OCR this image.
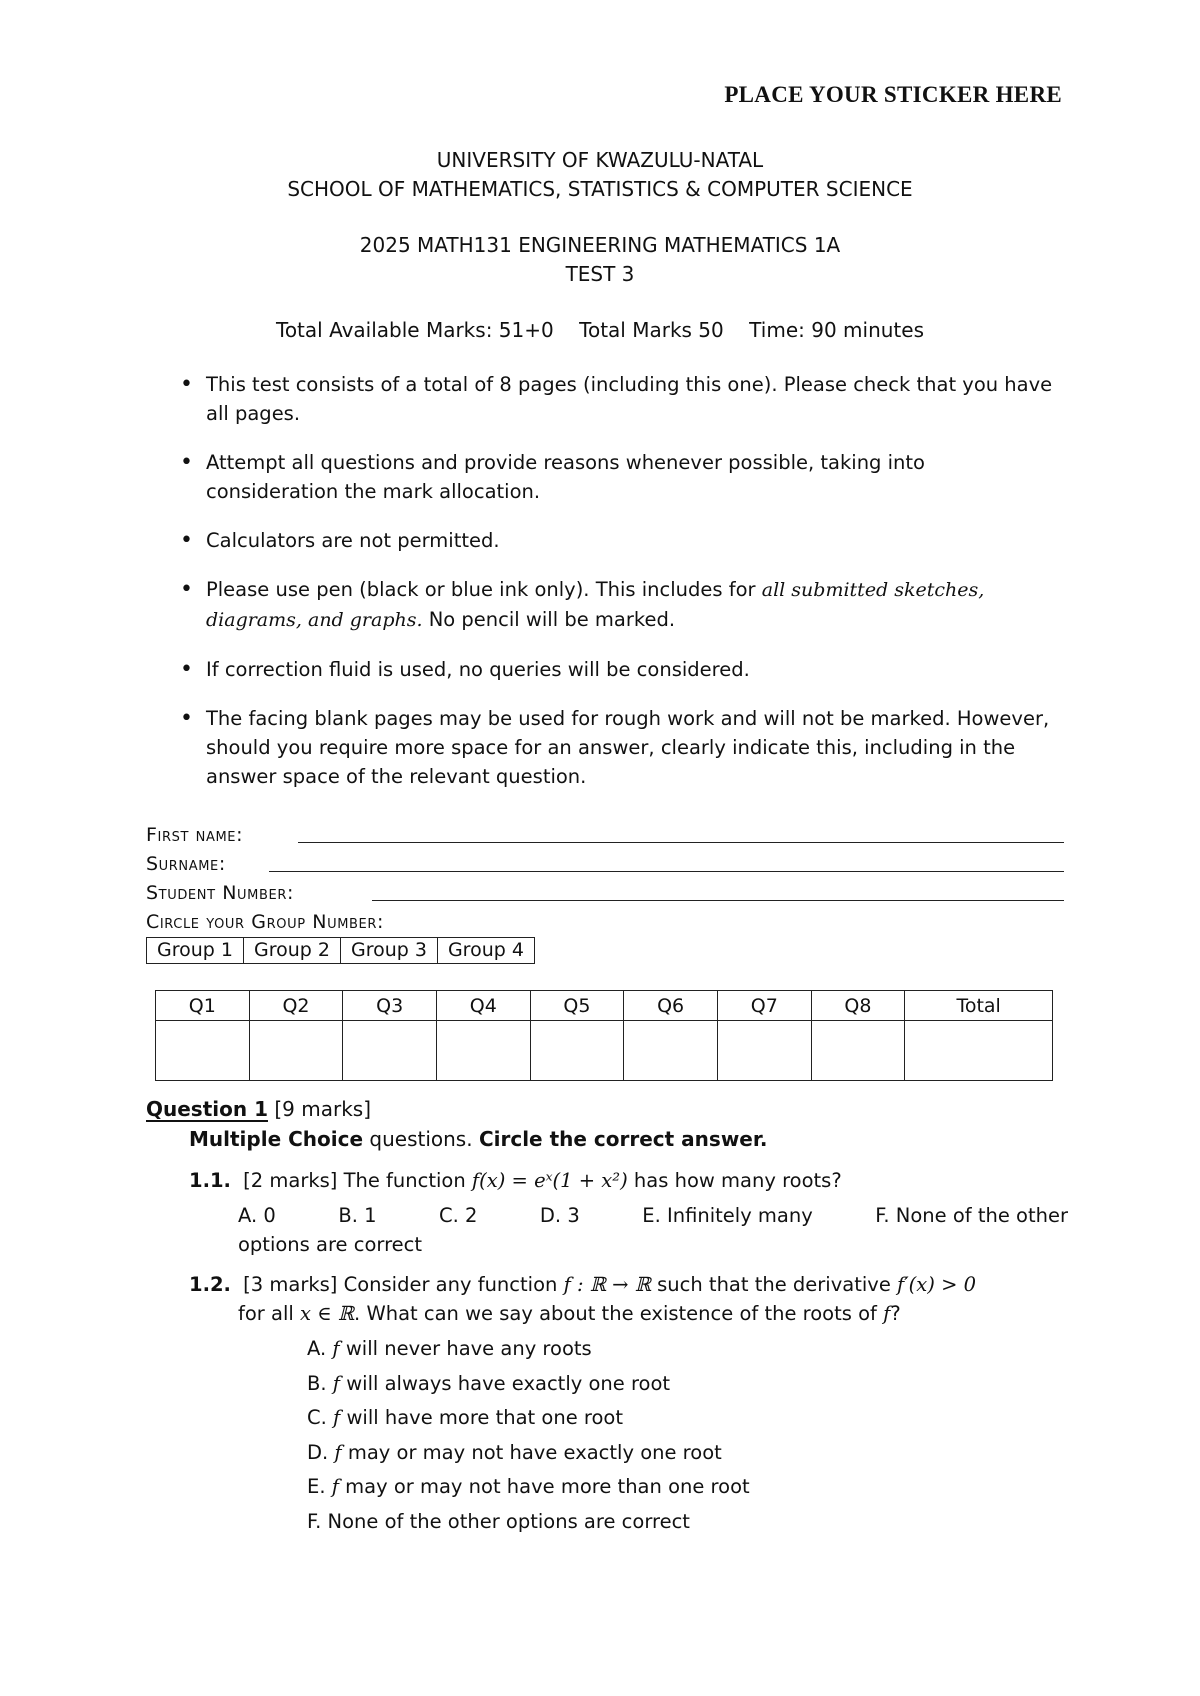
PLACE YOUR STICKER HERE
UNIVERSITY OF KWAZULU-NATAL
SCHOOL OF MATHEMATICS, STATISTICS & COMPUTER SCIENCE
2025 MATH131 ENGINEERING MATHEMATICS 1A
TEST 3
Total Available Marks: 51+0    Total Marks 50    Time: 90 minutes
• This test consists of a total of 8 pages (including this one). Please check that you have all pages.
• Attempt all questions and provide reasons whenever possible, taking into consideration the mark allocation.
• Calculators are not permitted.
• Please use pen (black or blue ink only). This includes for all submitted sketches, diagrams, and graphs. No pencil will be marked.
• If correction fluid is used, no queries will be considered.
• The facing blank pages may be used for rough work and will not be marked. However, should you require more space for an answer, clearly indicate this, including in the answer space of the relevant question.
First name:
Surname:
Student Number:
Circle your Group Number:
Group 1	Group 2	Group 3	Group 4
Q1	Q2	Q3	Q4	Q5	Q6	Q7	Q8	Total

Question 1 [9 marks]
Multiple Choice questions. Circle the correct answer.
1.1. [2 marks] The function f(x) = eˣ(1 + x²) has how many roots?
A. 0	B. 1	C. 2	D. 3	E. Infinitely many	F. None of the other
options are correct
1.2. [3 marks] Consider any function f : ℝ → ℝ such that the derivative f′(x) > 0
for all x ∈ ℝ. What can we say about the existence of the roots of f?
A. f will never have any roots
B. f will always have exactly one root
C. f will have more that one root
D. f may or may not have exactly one root
E. f may or may not have more than one root
F. None of the other options are correct
